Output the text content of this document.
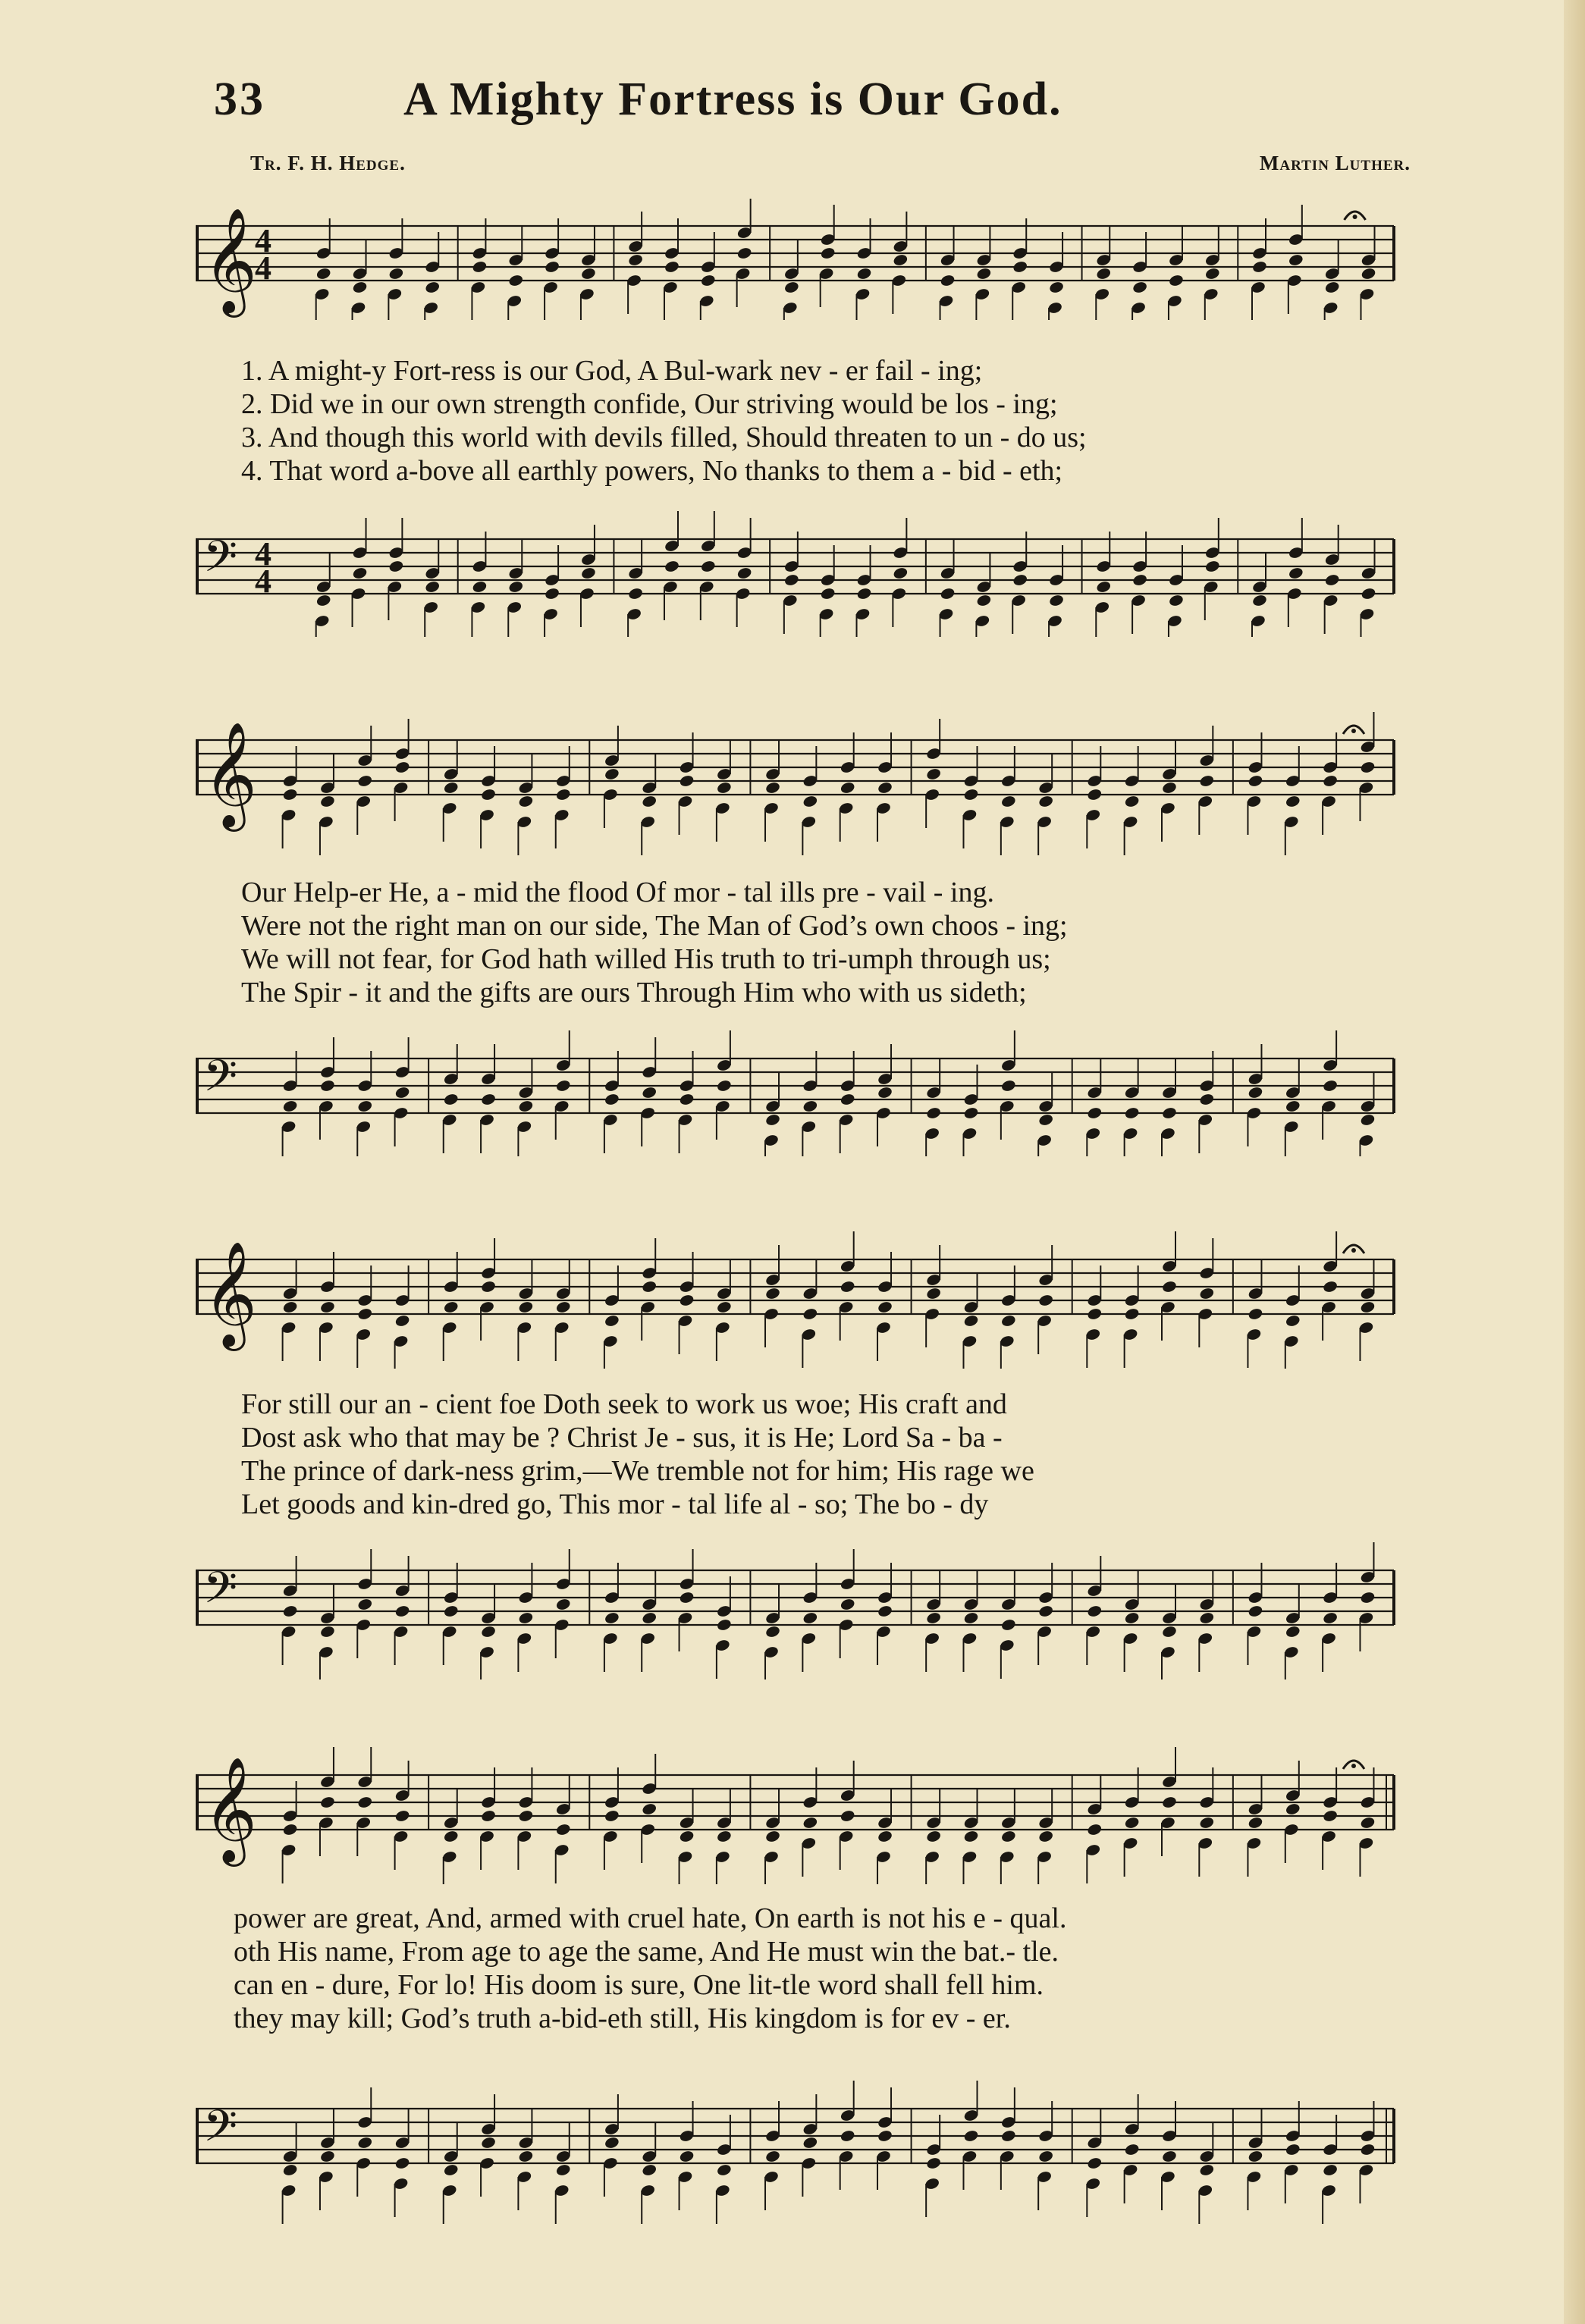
33	A Mighty Fortress is Our God.
Tr. F. H. Hedge.	Martin Luther.
𝄞
4
4
1. A might-y Fort-ress is our God, A Bul-wark nev - er fail - ing;
2. Did we in our own strength confide, Our striving would be los - ing;
3. And though this world with devils filled, Should threaten to un - do us;
4. That word a-bove all earthly powers, No thanks to them a - bid - eth;
𝄢 4
4
𝄞
Our Help-er He, a - mid the flood Of mor - tal ills pre - vail - ing.
Were not the right man on our side, The Man of God’s own choos - ing;
We will not fear, for God hath willed His truth to tri-umph through us;
The Spir - it and the gifts are ours Through Him who with us sideth;
𝄢
𝄞
For still our an - cient foe Doth seek to work us woe; His craft and
Dost ask who that may be ? Christ Je - sus, it is He; Lord Sa - ba -
The prince of dark-ness grim,—We tremble not for him; His rage we
Let goods and kin-dred go, This mor - tal life al - so; The bo - dy
𝄢
𝄞
power are great, And, armed with cruel hate, On earth is not his e - qual.
oth His name, From age to age the same, And He must win the bat.- tle.
can en - dure, For lo! His doom is sure, One lit-tle word shall fell him.
they may kill; God’s truth a-bid-eth still, His kingdom is for ev - er.
𝄢
